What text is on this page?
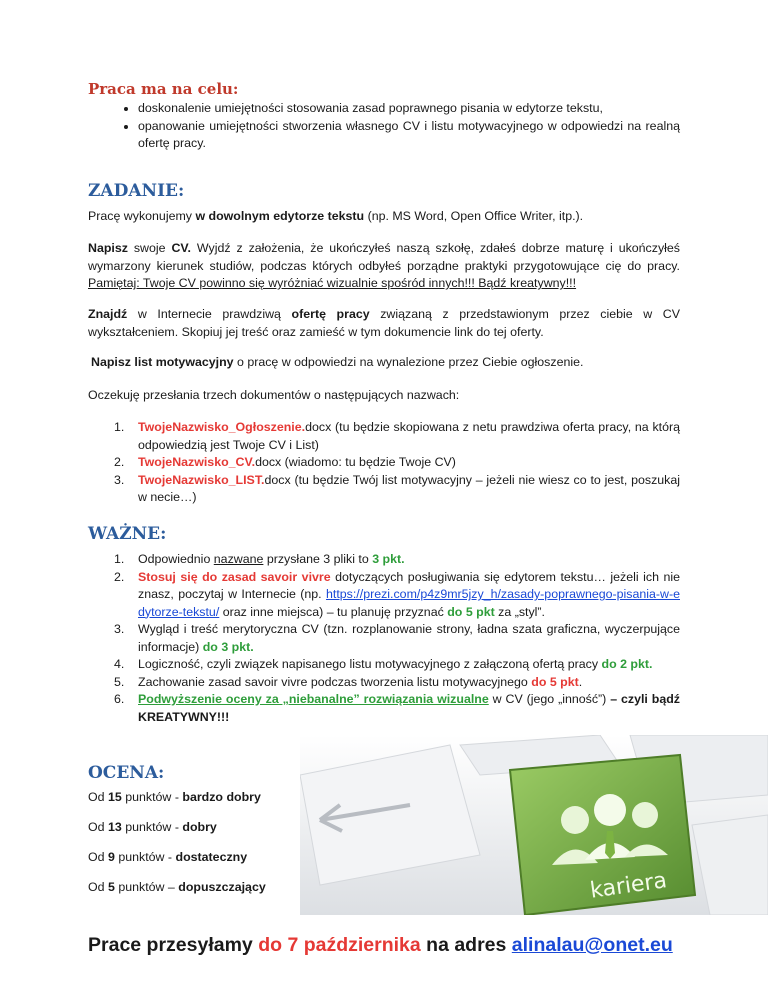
kariera
Praca ma na celu:
• doskonalenie umiejętności stosowania zasad poprawnego pisania w edytorze tekstu,
• opanowanie umiejętności stworzenia własnego CV i listu motywacyjnego w odpowiedzi na realną ofertę pracy.
ZADANIE:

Pracę wykonujemy w dowolnym edytorze tekstu (np. MS Word, Open Office Writer, itp.).

Napisz swoje CV. Wyjdź z założenia, że ukończyłeś naszą szkołę, zdałeś dobrze maturę i ukończyłeś wymarzony kierunek studiów, podczas których odbyłeś porządne praktyki przygotowujące cię do pracy. Pamiętaj: Twoje CV powinno się wyróżniać wizualnie spośród innych!!! Bądź kreatywny!!!

Znajdź w Internecie prawdziwą ofertę pracy związaną z przedstawionym przez ciebie w CV wykształceniem. Skopiuj jej treść oraz zamieść w tym dokumencie link do tej oferty.

Napisz list motywacyjny o pracę w odpowiedzi na wynalezione przez Ciebie ogłoszenie.

Oczekuję przesłania trzech dokumentów o następujących nazwach:

1. TwojeNazwisko_Ogłoszenie.docx (tu będzie skopiowana z netu prawdziwa oferta pracy, na którą odpowiedzią jest Twoje CV i List)
2. TwojeNazwisko_CV.docx (wiadomo: tu będzie Twoje CV)
3. TwojeNazwisko_LIST.docx (tu będzie Twój list motywacyjny – jeżeli nie wiesz co to jest, poszukaj w necie…)
WAŻNE:
1. Odpowiednio nazwane przysłane 3 pliki to 3 pkt.
2. Stosuj się do zasad savoir vivre dotyczących posługiwania się edytorem tekstu… jeżeli ich nie znasz, poczytaj w Internecie (np. https://prezi.com/p4z9mr5jzy_h/zasady-poprawnego-pisania-w-edytorze-tekstu/ oraz inne miejsca) – tu planuję przyznać do 5 pkt za „styl”.
3. Wygląd i treść merytoryczna CV (tzn. rozplanowanie strony, ładna szata graficzna, wyczerpujące informacje) do 3 pkt.
4. Logiczność, czyli związek napisanego listu motywacyjnego z załączoną ofertą pracy do 2 pkt.
5. Zachowanie zasad savoir vivre podczas tworzenia listu motywacyjnego do 5 pkt.
6. Podwyższenie oceny za „niebanalne” rozwiązania wizualne w CV (jego „inność”) – czyli bądź KREATYWNY!!!
OCENA:

Od 15 punktów - bardzo dobry

Od 13 punktów - dobry

Od 9 punktów - dostateczny

Od 5 punktów – dopuszczający

Prace przesyłamy do 7 października na adres alinalau@onet.eu
